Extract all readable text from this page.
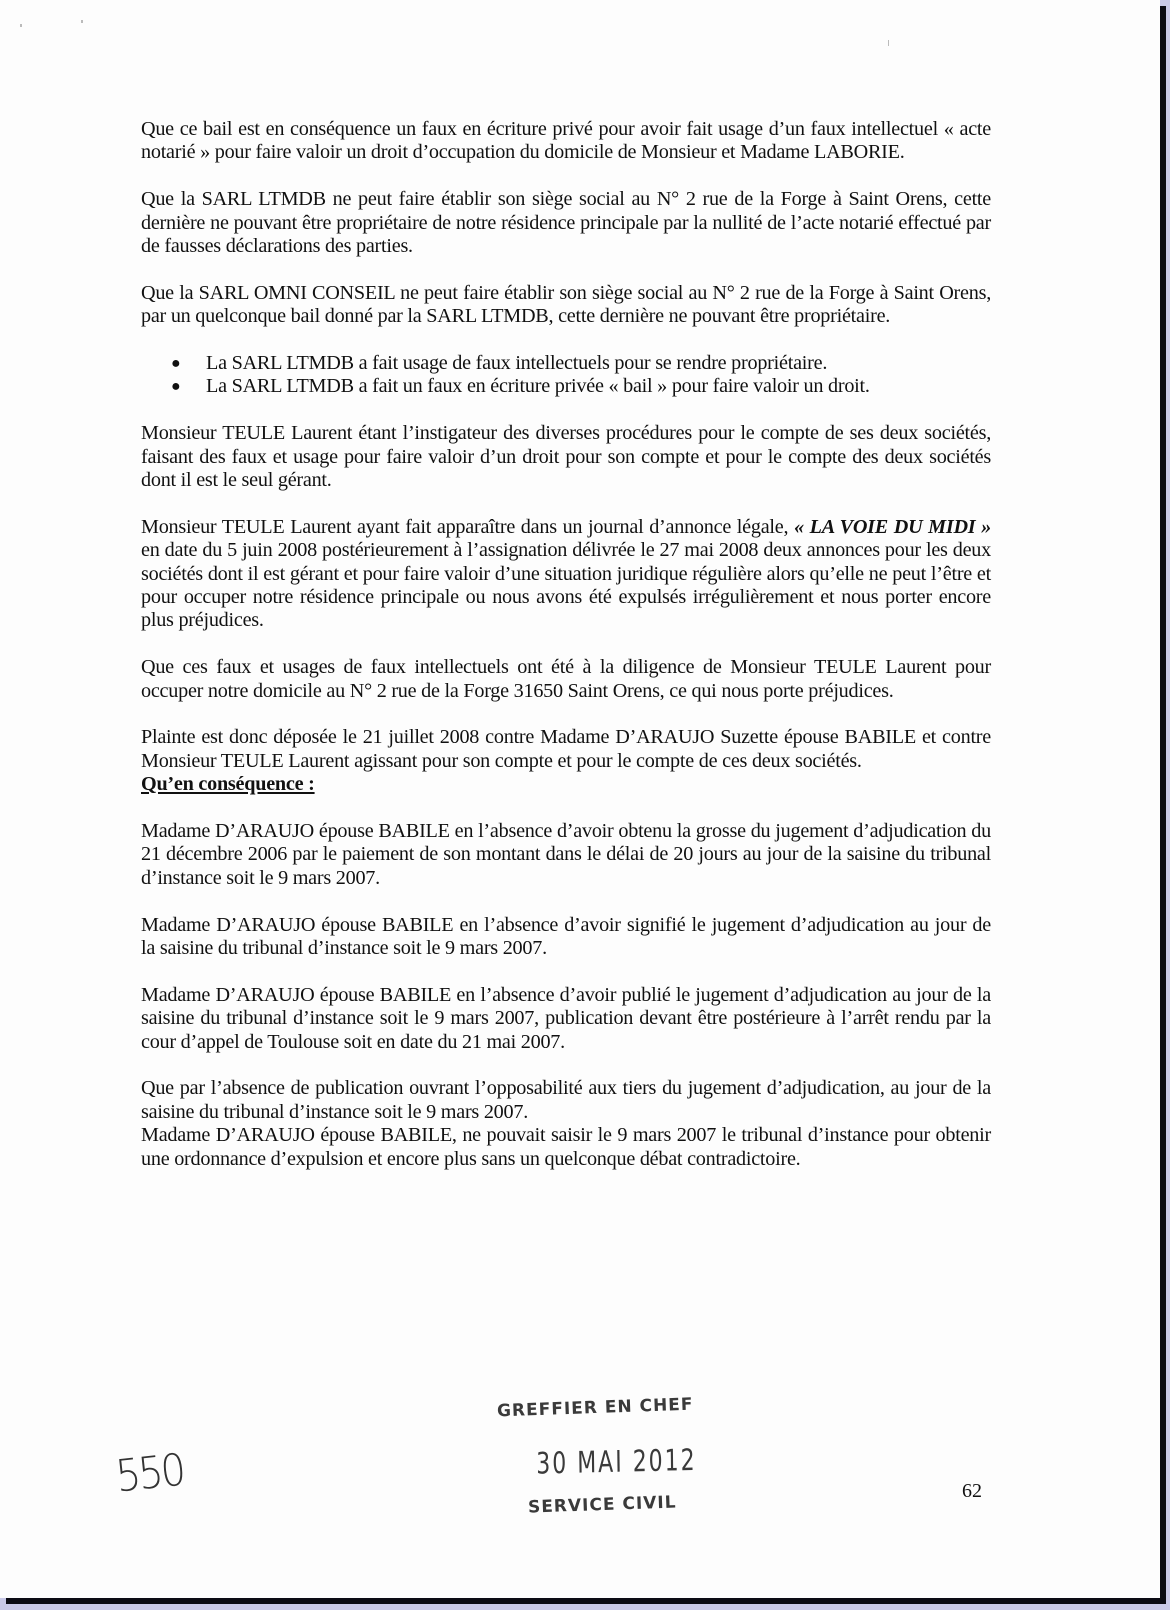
Que ce bail est en conséquence un faux en écriture privé pour avoir fait usage d’un faux intellectuel « acte notarié » pour faire valoir un droit d’occupation du domicile de Monsieur et Madame LABORIE.

Que la SARL LTMDB ne peut faire établir son siège social au N° 2 rue de la Forge à Saint Orens, cette dernière ne pouvant être propriétaire de notre résidence principale par la nullité de l’acte notarié effectué par de fausses déclarations des parties.

Que la SARL OMNI CONSEIL ne peut faire établir son siège social au N° 2 rue de la Forge à Saint Orens, par un quelconque bail donné par la SARL LTMDB, cette dernière ne pouvant être propriétaire.

● La SARL LTMDB a fait usage de faux intellectuels pour se rendre propriétaire.
● La SARL LTMDB a fait un faux en écriture privée « bail » pour faire valoir un droit.

Monsieur TEULE Laurent étant l’instigateur des diverses procédures pour le compte de ses deux sociétés, faisant des faux et usage pour faire valoir d’un droit pour son compte et pour le compte des deux sociétés dont il est le seul gérant.

Monsieur TEULE Laurent ayant fait apparaître dans un journal d’annonce légale, « LA VOIE DU MIDI » en date du 5 juin 2008 postérieurement à l’assignation délivrée le 27 mai 2008 deux annonces pour les deux sociétés dont il est gérant et pour faire valoir d’une situation juridique régulière alors qu’elle ne peut l’être et pour occuper notre résidence principale ou nous avons été expulsés irrégulièrement et nous porter encore plus préjudices.

Que ces faux et usages de faux intellectuels ont été à la diligence de Monsieur TEULE Laurent pour occuper notre domicile au N° 2 rue de la Forge 31650 Saint Orens, ce qui nous porte préjudices.

Plainte est donc déposée le 21 juillet 2008 contre Madame D’ARAUJO Suzette épouse BABILE et contre Monsieur TEULE Laurent agissant pour son compte et pour le compte de ces deux sociétés.

Qu’en conséquence :

Madame D’ARAUJO épouse BABILE en l’absence d’avoir obtenu la grosse du jugement d’adjudication du 21 décembre 2006 par le paiement de son montant dans le délai de 20 jours au jour de la saisine du tribunal d’instance soit le 9 mars 2007.

Madame D’ARAUJO épouse BABILE en l’absence d’avoir signifié le jugement d’adjudication au jour de la saisine du tribunal d’instance soit le 9 mars 2007.

Madame D’ARAUJO épouse BABILE en l’absence d’avoir publié le jugement d’adjudication au jour de la saisine du tribunal d’instance soit le 9 mars 2007, publication devant être postérieure à l’arrêt rendu par la cour d’appel de Toulouse soit en date du 21 mai 2007.

Que par l’absence de publication ouvrant l’opposabilité aux tiers du jugement d’adjudication, au jour de la saisine du tribunal d’instance soit le 9 mars 2007.

Madame D’ARAUJO épouse BABILE, ne pouvait saisir le 9 mars 2007 le tribunal d’instance pour obtenir une ordonnance d’expulsion et encore plus sans un quelconque débat contradictoire.

GREFFIER EN CHEF
30 MAI 2012
SERVICE CIVIL
550	62
